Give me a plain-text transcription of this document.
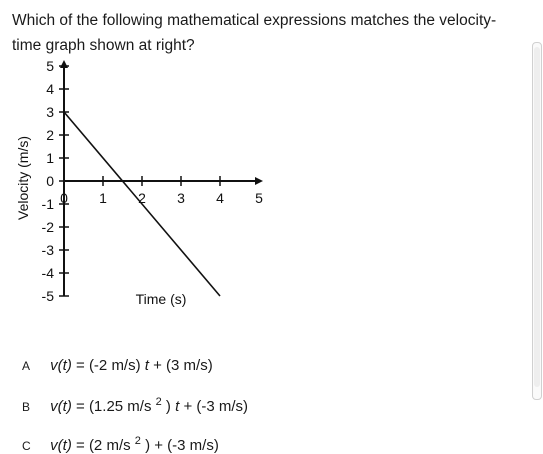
Which of the following mathematical expressions matches the velocity-time graph shown at right?
5
4
3
2
1
0
-1
-2
-3
-4
-5
0 1 2 3 4 5
Velocity (m/s)
Time (s)
A v(t) = (-2 m/s) t + (3 m/s)
B v(t) = (1.25 m/s $^2$ ) t + (-3 m/s)
C v(t) = (2 m/s $^2$ ) + (-3 m/s)
